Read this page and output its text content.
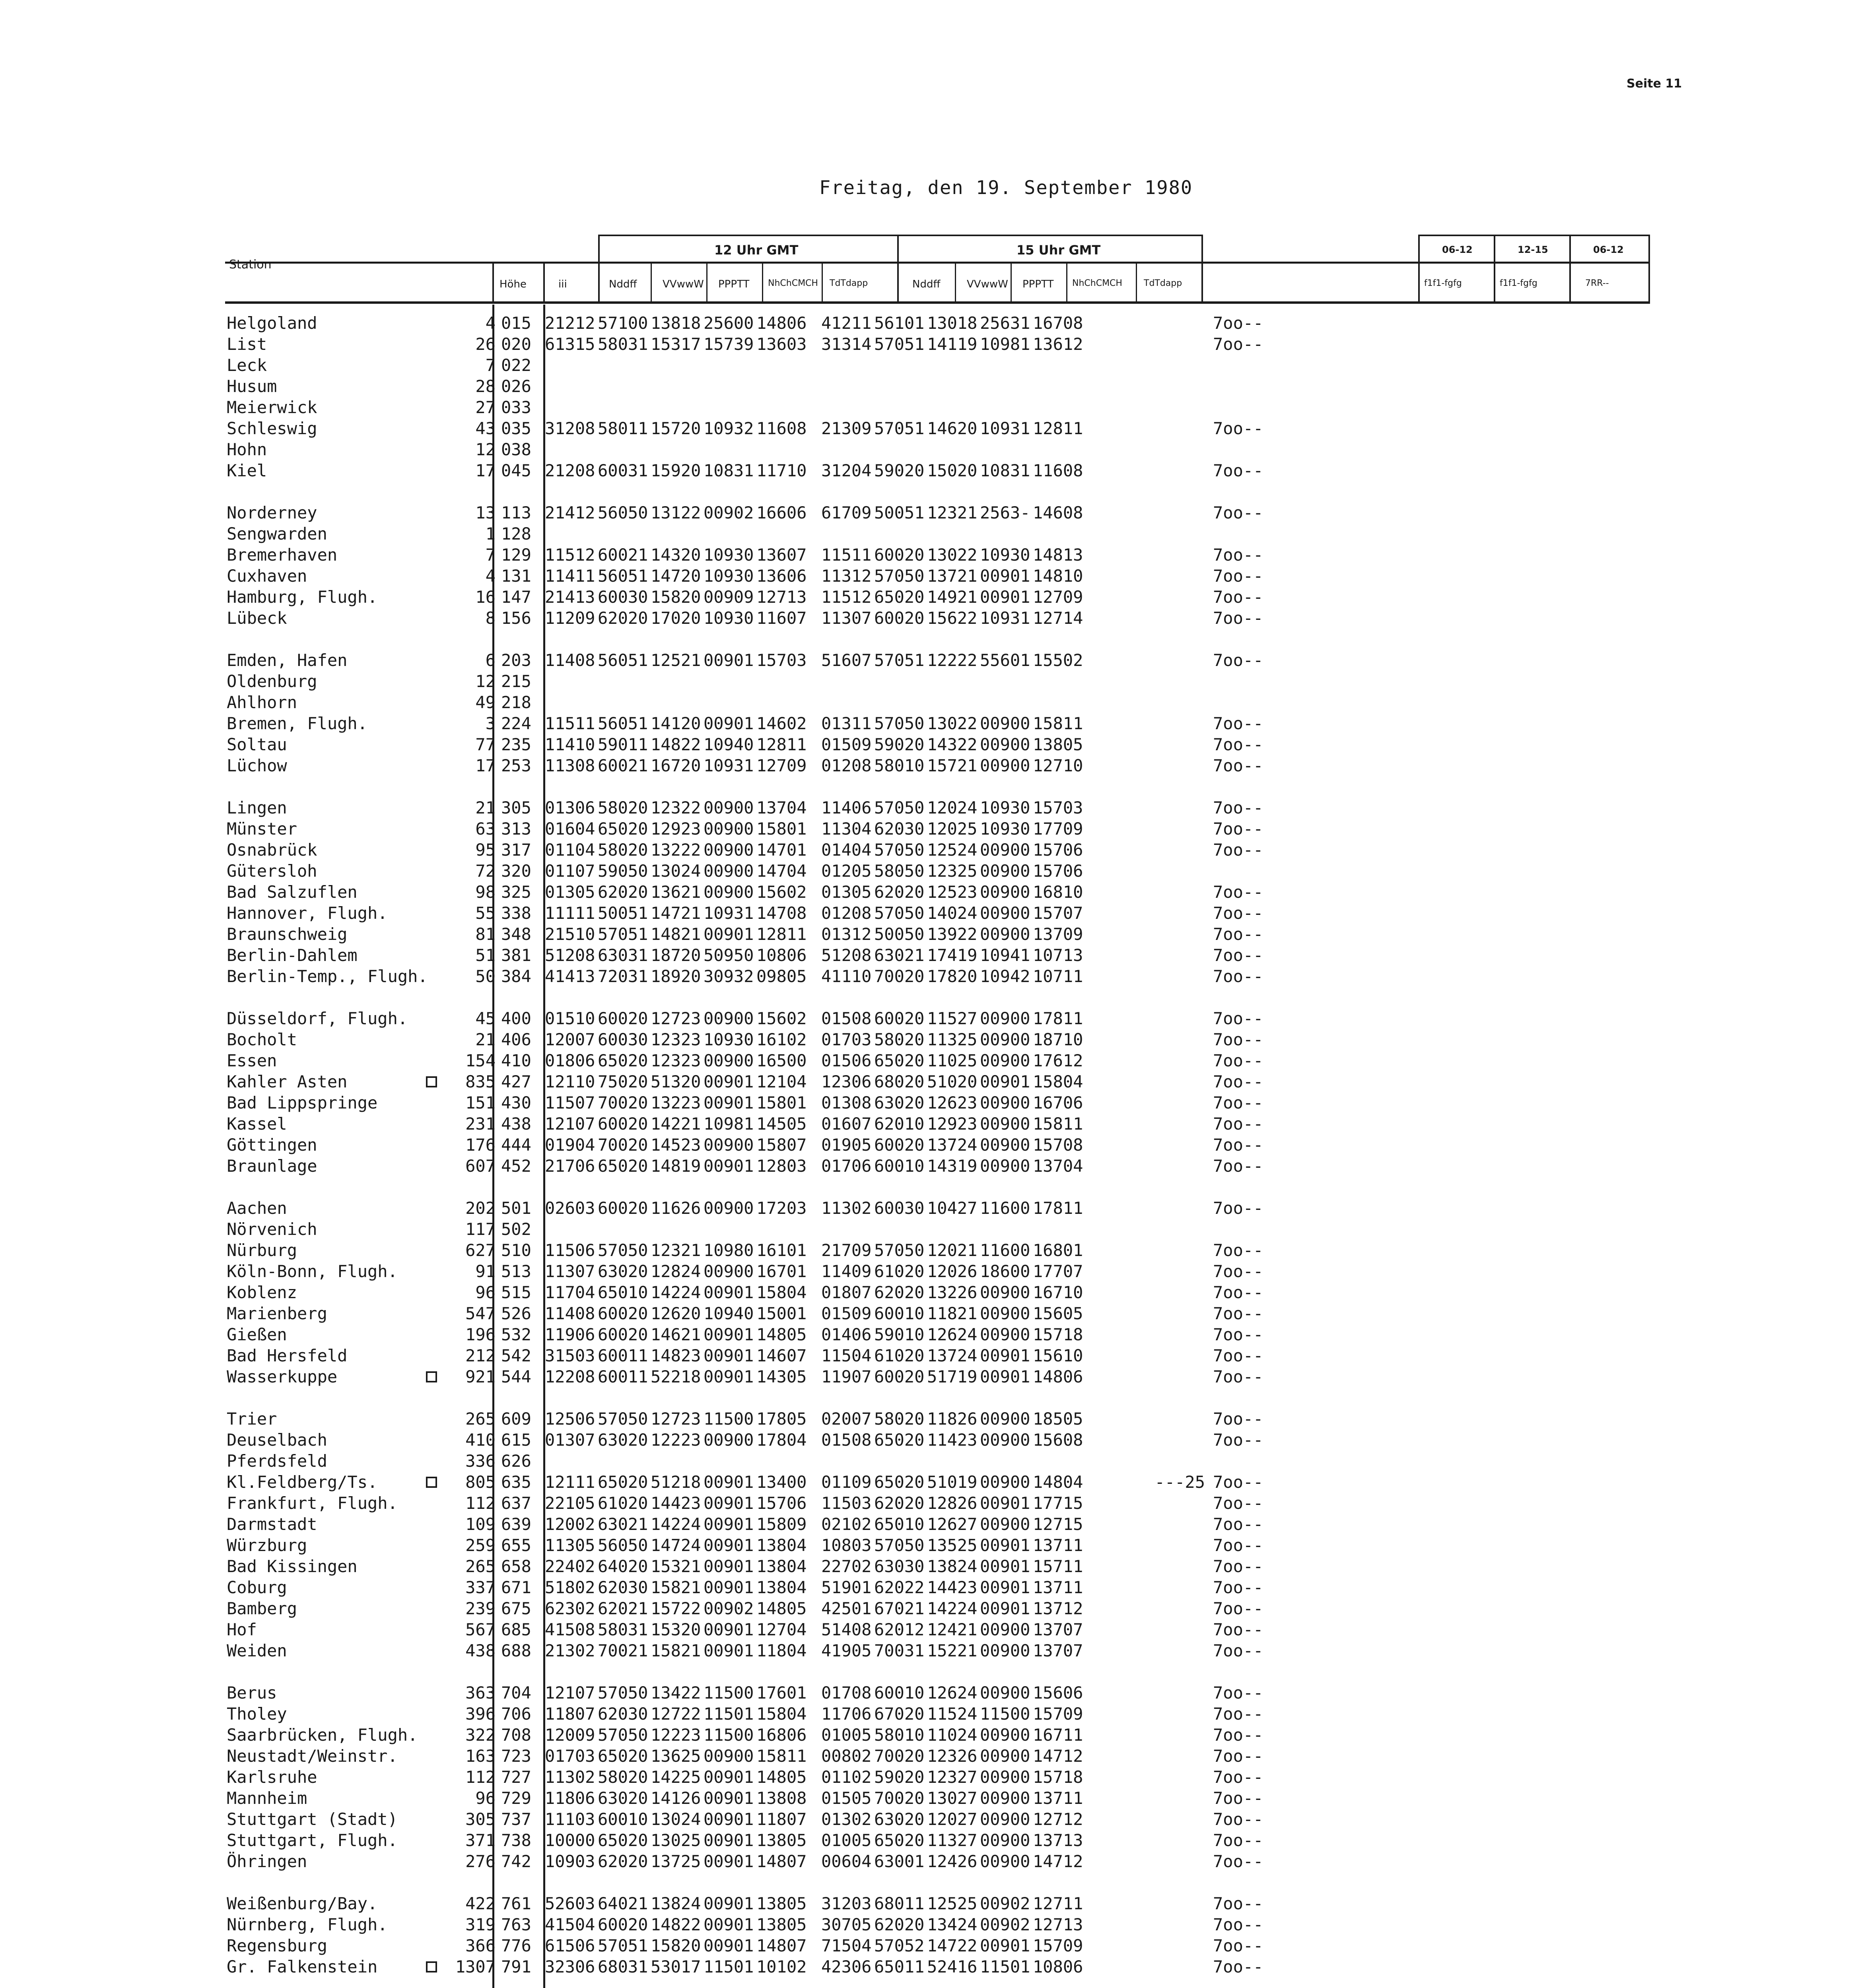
Seite 11
Freitag, den 19. September 1980
Station
Höhe	iii
12 Uhr GMT	15 Uhr GMT
Nddff VVwwW PPPTT NhChCMCH TdTdapp	Nddff	VVwwW PPPTT NhChCMCH TdTdapp
06-12	12-15	06-12
f1f1-fgfg	f1f1-fgfg	7RR--
Helgoland	4 015 21212 57100 13818 25600 14806 41211 56101 13018 25631 16708	7oo--
List	26 020 61315 58031 15317 15739 13603 31314 57051 14119 10981 13612	7oo--
Leck	7 022
Husum	28 026
Meierwick	27 033
Schleswig	43 035 31208 58011 15720 10932 11608 21309 57051 14620 10931 12811	7oo--
Hohn	12 038
Kiel	17 045 21208 60031 15920 10831 11710 31204 59020 15020 10831 11608	7oo--
Norderney	13 113 21412 56050 13122 00902 16606 61709 50051 12321 2563- 14608	7oo--
Sengwarden	1 128
Bremerhaven	7 129 11512 60021 14320 10930 13607 11511 60020 13022 10930 14813	7oo--
Cuxhaven	4 131 11411 56051 14720 10930 13606 11312 57050 13721 00901 14810	7oo--
Hamburg, Flugh.	16 147 21413 60030 15820 00909 12713 11512 65020 14921 00901 12709	7oo--
Lübeck	8 156 11209 62020 17020 10930 11607 11307 60020 15622 10931 12714	7oo--
Emden, Hafen	6 203 11408 56051 12521 00901 15703 51607 57051 12222 55601 15502	7oo--
Oldenburg	12 215
Ahlhorn	49 218
Bremen, Flugh.	3 224 11511 56051 14120 00901 14602 01311 57050 13022 00900 15811	7oo--
Soltau	77 235 11410 59011 14822 10940 12811 01509 59020 14322 00900 13805	7oo--
Lüchow	17 253 11308 60021 16720 10931 12709 01208 58010 15721 00900 12710	7oo--
Lingen	21 305 01306 58020 12322 00900 13704 11406 57050 12024 10930 15703	7oo--
Münster	63 313 01604 65020 12923 00900 15801 11304 62030 12025 10930 17709	7oo--
Osnabrück	95 317 01104 58020 13222 00900 14701 01404 57050 12524 00900 15706	7oo--
Gütersloh	72 320 01107 59050 13024 00900 14704 01205 58050 12325 00900 15706
Bad Salzuflen	98 325 01305 62020 13621 00900 15602 01305 62020 12523 00900 16810	7oo--
Hannover, Flugh.	55 338 11111 50051 14721 10931 14708 01208 57050 14024 00900 15707	7oo--
Braunschweig	81 348 21510 57051 14821 00901 12811 01312 50050 13922 00900 13709	7oo--
Berlin-Dahlem	51 381 51208 63031 18720 50950 10806 51208 63021 17419 10941 10713	7oo--
Berlin-Temp., Flugh.	50 384 41413 72031 18920 30932 09805 41110 70020 17820 10942 10711	7oo--
Düsseldorf, Flugh.	45 400 01510 60020 12723 00900 15602 01508 60020 11527 00900 17811	7oo--
Bocholt	21 406 12007 60030 12323 10930 16102 01703 58020 11325 00900 18710	7oo--
Essen	154 410 01806 65020 12323 00900 16500 01506 65020 11025 00900 17612	7oo--
Kahler Asten	835 427 12110 75020 51320 00901 12104 12306 68020 51020 00901 15804	7oo--
Bad Lippspringe	151 430 11507 70020 13223 00901 15801 01308 63020 12623 00900 16706	7oo--
Kassel	231 438 12107 60020 14221 10981 14505 01607 62010 12923 00900 15811	7oo--
Göttingen	176 444 01904 70020 14523 00900 15807 01905 60020 13724 00900 15708	7oo--
Braunlage	607 452 21706 65020 14819 00901 12803 01706 60010 14319 00900 13704	7oo--
Aachen	202 501 02603 60020 11626 00900 17203 11302 60030 10427 11600 17811	7oo--
Nörvenich	117 502
Nürburg	627 510 11506 57050 12321 10980 16101 21709 57050 12021 11600 16801	7oo--
Köln-Bonn, Flugh.	91 513 11307 63020 12824 00900 16701 11409 61020 12026 18600 17707	7oo--
Koblenz	96 515 11704 65010 14224 00901 15804 01807 62020 13226 00900 16710	7oo--
Marienberg	547 526 11408 60020 12620 10940 15001 01509 60010 11821 00900 15605	7oo--
Gießen	196 532 11906 60020 14621 00901 14805 01406 59010 12624 00900 15718	7oo--
Bad Hersfeld	212 542 31503 60011 14823 00901 14607 11504 61020 13724 00901 15610	7oo--
Wasserkuppe	921 544 12208 60011 52218 00901 14305 11907 60020 51719 00901 14806	7oo--
Trier	265 609 12506 57050 12723 11500 17805 02007 58020 11826 00900 18505	7oo--
Deuselbach	410 615 01307 63020 12223 00900 17804 01508 65020 11423 00900 15608	7oo--
Pferdsfeld	336 626
Kl.Feldberg/Ts.	805 635 12111 65020 51218 00901 13400 01109 65020 51019 00900 14804	---25 7oo--
Frankfurt, Flugh.	112 637 22105 61020 14423 00901 15706 11503 62020 12826 00901 17715	7oo--
Darmstadt	109 639 12002 63021 14224 00901 15809 02102 65010 12627 00900 12715	7oo--
Würzburg	259 655 11305 56050 14724 00901 13804 10803 57050 13525 00901 13711	7oo--
Bad Kissingen	265 658 22402 64020 15321 00901 13804 22702 63030 13824 00901 15711	7oo--
Coburg	337 671 51802 62030 15821 00901 13804 51901 62022 14423 00901 13711	7oo--
Bamberg	239 675 62302 62021 15722 00902 14805 42501 67021 14224 00901 13712	7oo--
Hof	567 685 41508 58031 15320 00901 12704 51408 62012 12421 00900 13707	7oo--
Weiden	438 688 21302 70021 15821 00901 11804 41905 70031 15221 00900 13707	7oo--
Berus	363 704 12107 57050 13422 11500 17601 01708 60010 12624 00900 15606	7oo--
Tholey	396 706 11807 62030 12722 11501 15804 11706 67020 11524 11500 15709	7oo--
Saarbrücken, Flugh.	322 708 12009 57050 12223 11500 16806 01005 58010 11024 00900 16711	7oo--
Neustadt/Weinstr.	163 723 01703 65020 13625 00900 15811 00802 70020 12326 00900 14712	7oo--
Karlsruhe	112 727 11302 58020 14225 00901 14805 01102 59020 12327 00900 15718	7oo--
Mannheim	96 729 11806 63020 14126 00901 13808 01505 70020 13027 00900 13711	7oo--
Stuttgart (Stadt)	305 737 11103 60010 13024 00901 11807 01302 63020 12027 00900 12712	7oo--
Stuttgart, Flugh.	371 738 10000 65020 13025 00901 13805 01005 65020 11327 00900 13713	7oo--
Öhringen	276 742 10903 62020 13725 00901 14807 00604 63001 12426 00900 14712	7oo--
Weißenburg/Bay.	422 761 52603 64021 13824 00901 13805 31203 68011 12525 00902 12711	7oo--
Nürnberg, Flugh.	319 763 41504 60020 14822 00901 13805 30705 62020 13424 00902 12713	7oo--
Regensburg	366 776 61506 57051 15820 00901 14807 71504 57052 14722 00901 15709	7oo--
Gr. Falkenstein	1307 791 32306 68031 53017 11501 10102 42306 65011 52416 11501 10806	7oo--
